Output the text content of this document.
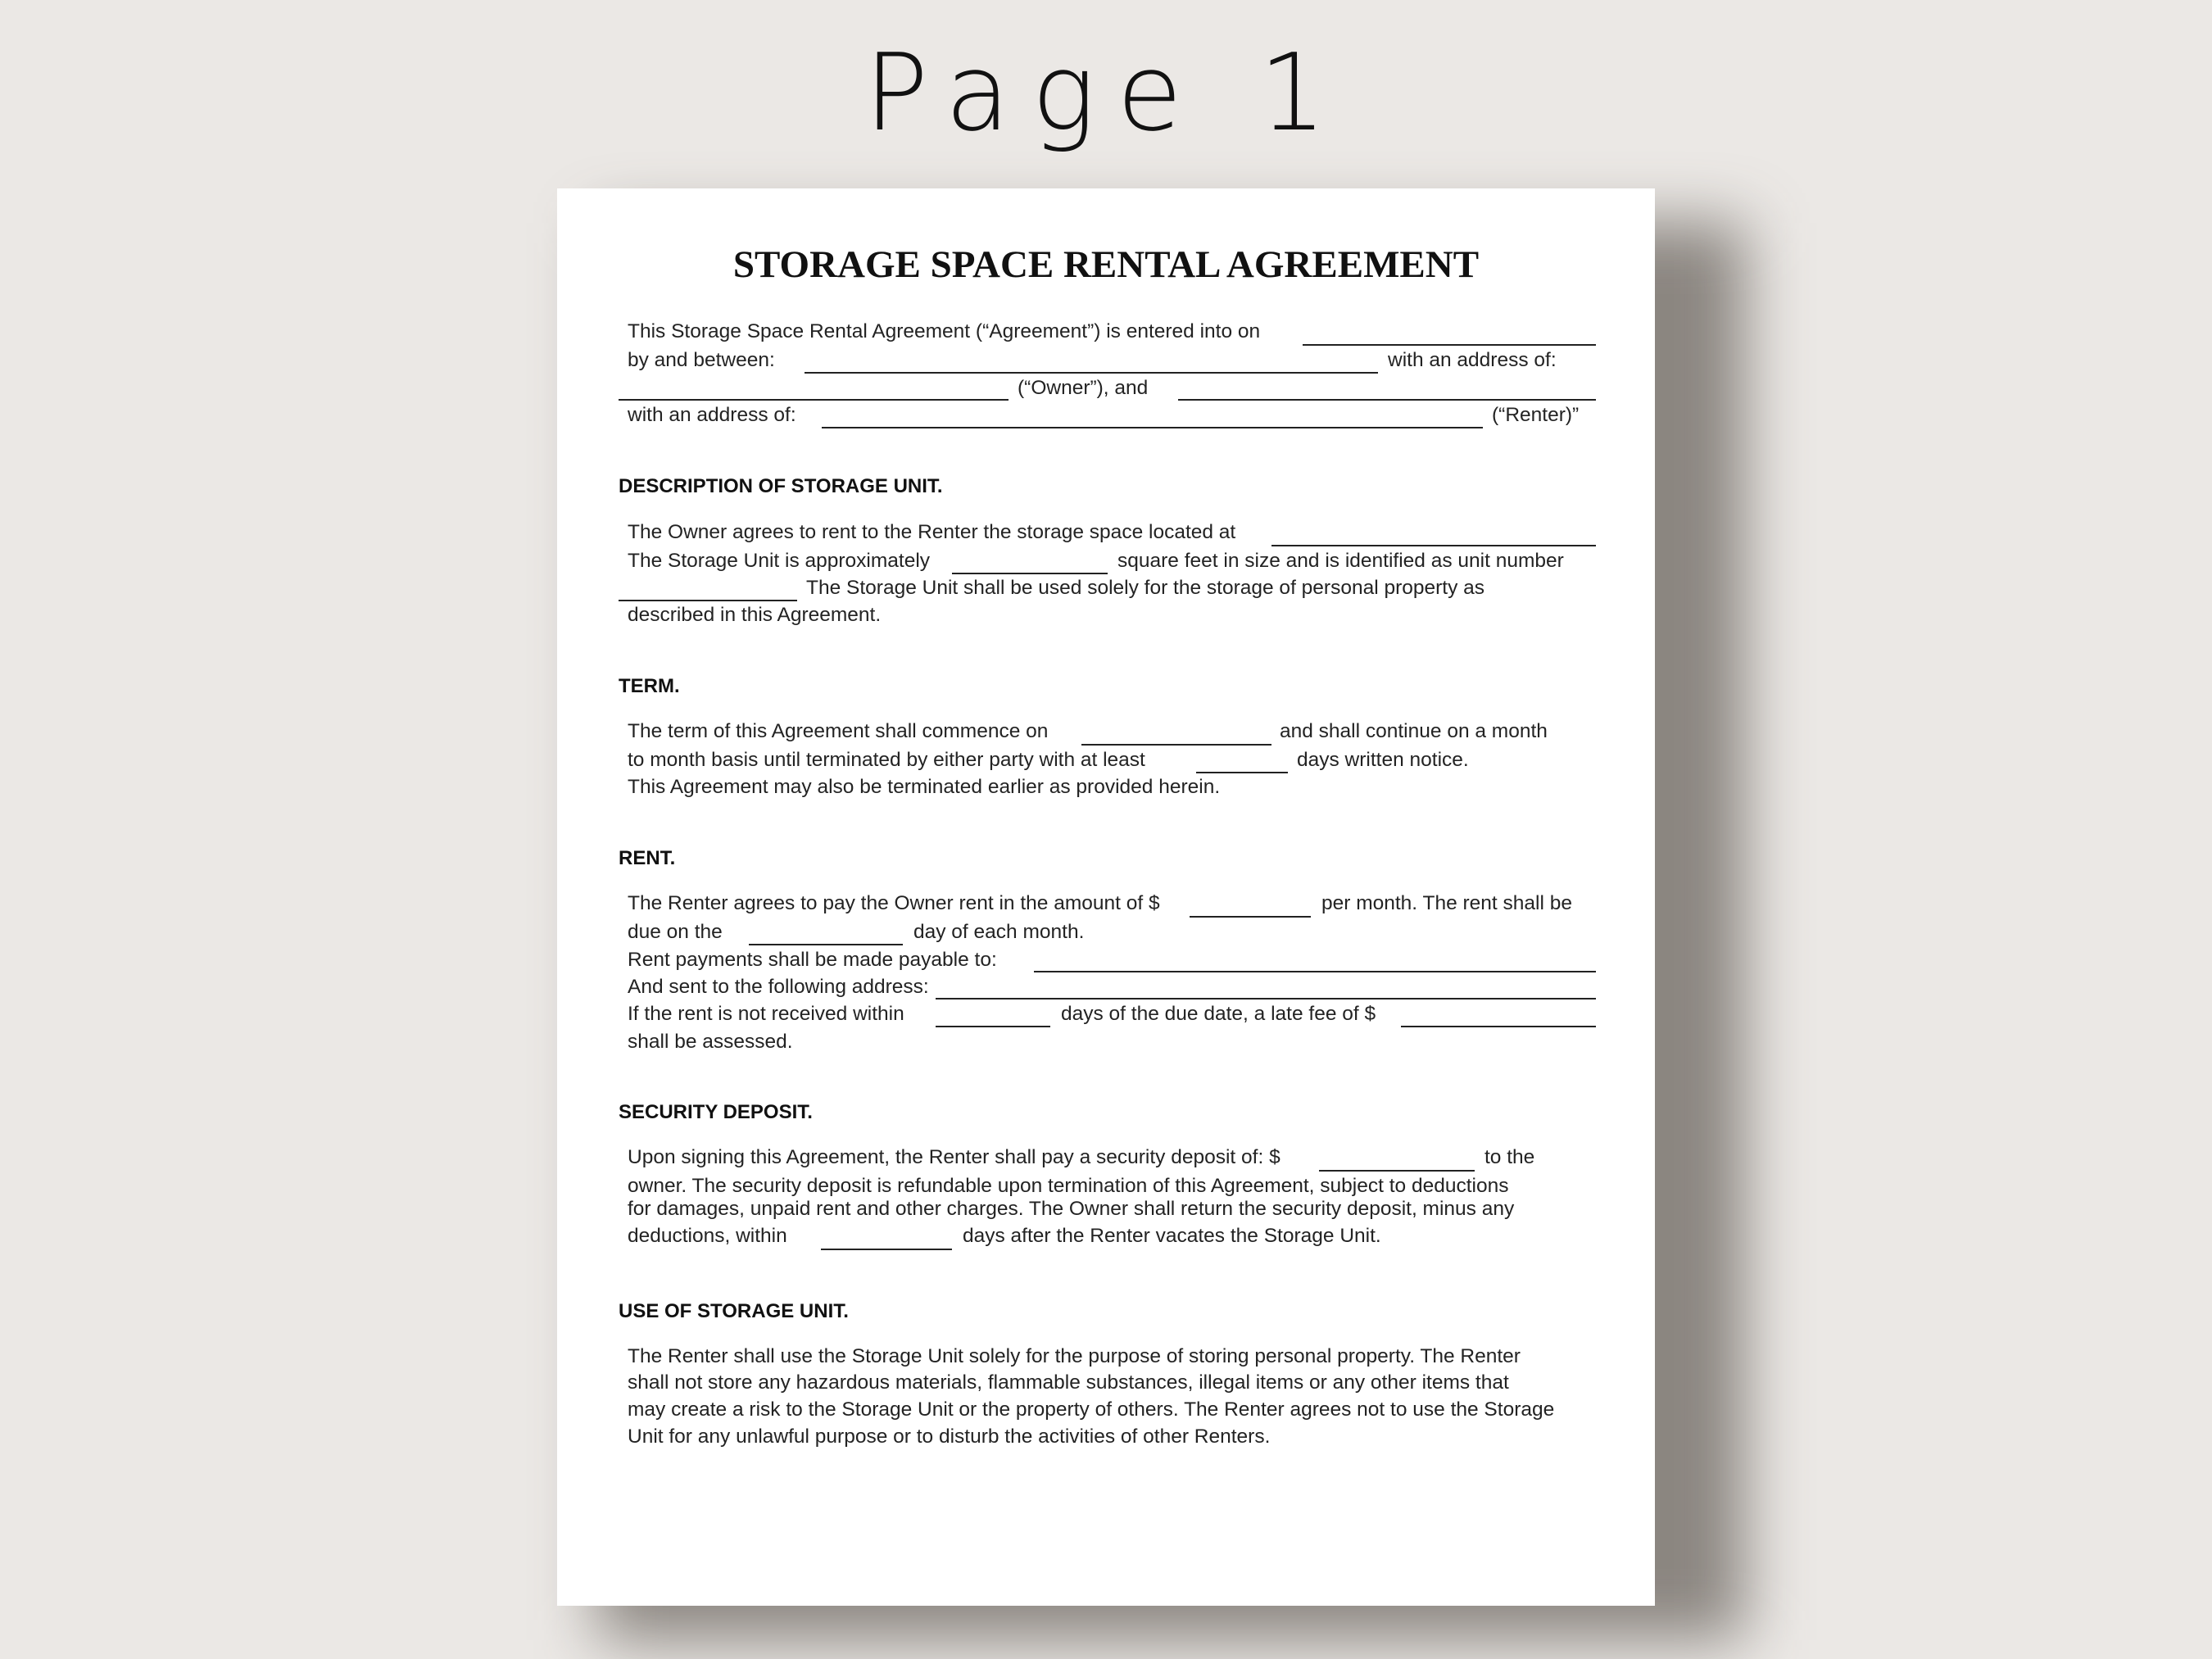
Page 1
STORAGE SPACE RENTAL AGREEMENT
This Storage Space Rental Agreement (“Agreement”) is entered into on
by and between:	with an address of:
(“Owner”), and
with an address of:	(“Renter)”
DESCRIPTION OF STORAGE UNIT.
The Owner agrees to rent to the Renter the storage space located at
The Storage Unit is approximately	square feet in size and is identified as unit number
The Storage Unit shall be used solely for the storage of personal property as
described in this Agreement.
TERM.
The term of this Agreement shall commence on	and shall continue on a month
to month basis until terminated by either party with at least	days written notice.
This Agreement may also be terminated earlier as provided herein.
RENT.
The Renter agrees to pay the Owner rent in the amount of $	per month. The rent shall be
due on the	day of each month.
Rent payments shall be made payable to:
And sent to the following address:
If the rent is not received within	days of the due date, a late fee of $
shall be assessed.
SECURITY DEPOSIT.
Upon signing this Agreement, the Renter shall pay a security deposit of: $	to the
owner. The security deposit is refundable upon termination of this Agreement, subject to deductions
for damages, unpaid rent and other charges. The Owner shall return the security deposit, minus any
deductions, within	days after the Renter vacates the Storage Unit.
USE OF STORAGE UNIT.
The Renter shall use the Storage Unit solely for the purpose of storing personal property. The Renter
shall not store any hazardous materials, flammable substances, illegal items or any other items that
may create a risk to the Storage Unit or the property of others. The Renter agrees not to use the Storage
Unit for any unlawful purpose or to disturb the activities of other Renters.
